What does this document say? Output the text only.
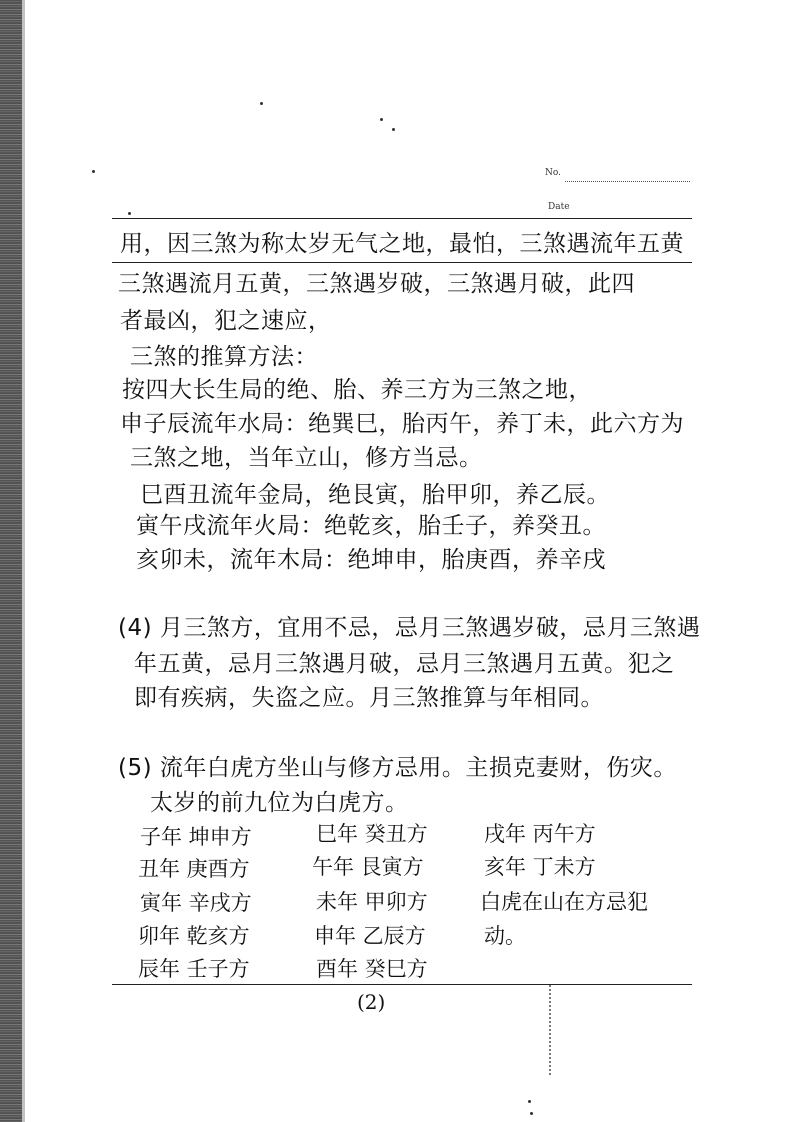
No.
Date
用，因三煞为称太岁无气之地，最怕，三煞遇流年五黄
三煞遇流月五黄，三煞遇岁破，三煞遇月破，此四
者最凶，犯之速应，
三煞的推算方法：
按四大长生局的绝、胎、养三方为三煞之地，
申子辰流年水局：绝巽巳，胎丙午，养丁未，此六方为
三煞之地，当年立山，修方当忌。
巳酉丑流年金局，绝艮寅，胎甲卯，养乙辰。
寅午戌流年火局：绝乾亥，胎壬子，养癸丑。
亥卯未，流年木局：绝坤申，胎庚酉，养辛戌
(4) 月三煞方，宜用不忌，忌月三煞遇岁破，忌月三煞遇
年五黄，忌月三煞遇月破，忌月三煞遇月五黄。犯之
即有疾病，失盗之应。月三煞推算与年相同。
(5) 流年白虎方坐山与修方忌用。主损克妻财，伤灾。
太岁的前九位为白虎方。
子年 坤申方
丑年 庚酉方
寅年 辛戌方
卯年 乾亥方
辰年 壬子方
巳年 癸丑方
午年 艮寅方
未年 甲卯方
申年 乙辰方
酉年 癸巳方
戌年 丙午方
亥年 丁未方
白虎在山在方忌犯
动。
(2)
